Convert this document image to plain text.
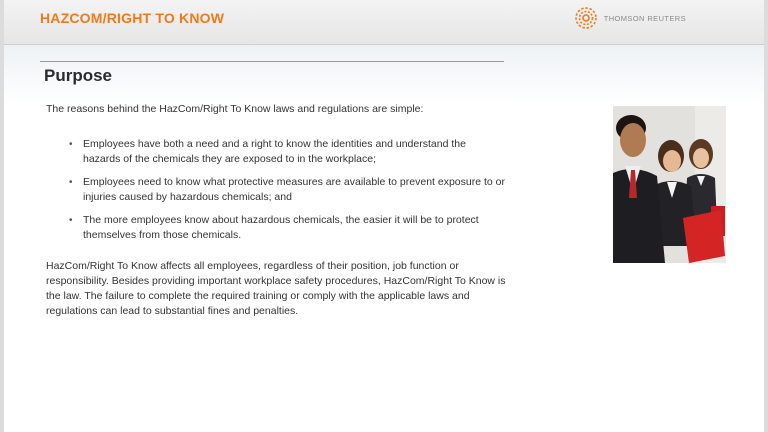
HAZCOM/RIGHT TO KNOW	THOMSON REUTERS
Purpose

The reasons behind the HazCom/Right To Know laws and regulations are simple:

• Employees have both a need and a right to know the identities and understand the hazards of the chemicals they are exposed to in the workplace;
• Employees need to know what protective measures are available to prevent exposure to or injuries caused by hazardous chemicals; and
• The more employees know about hazardous chemicals, the easier it will be to protect themselves from those chemicals.

HazCom/Right To Know affects all employees, regardless of their position, job function or responsibility. Besides providing important workplace safety procedures, HazCom/Right To Know is the law. The failure to complete the required training or comply with the applicable laws and regulations can lead to substantial fines and penalties.
